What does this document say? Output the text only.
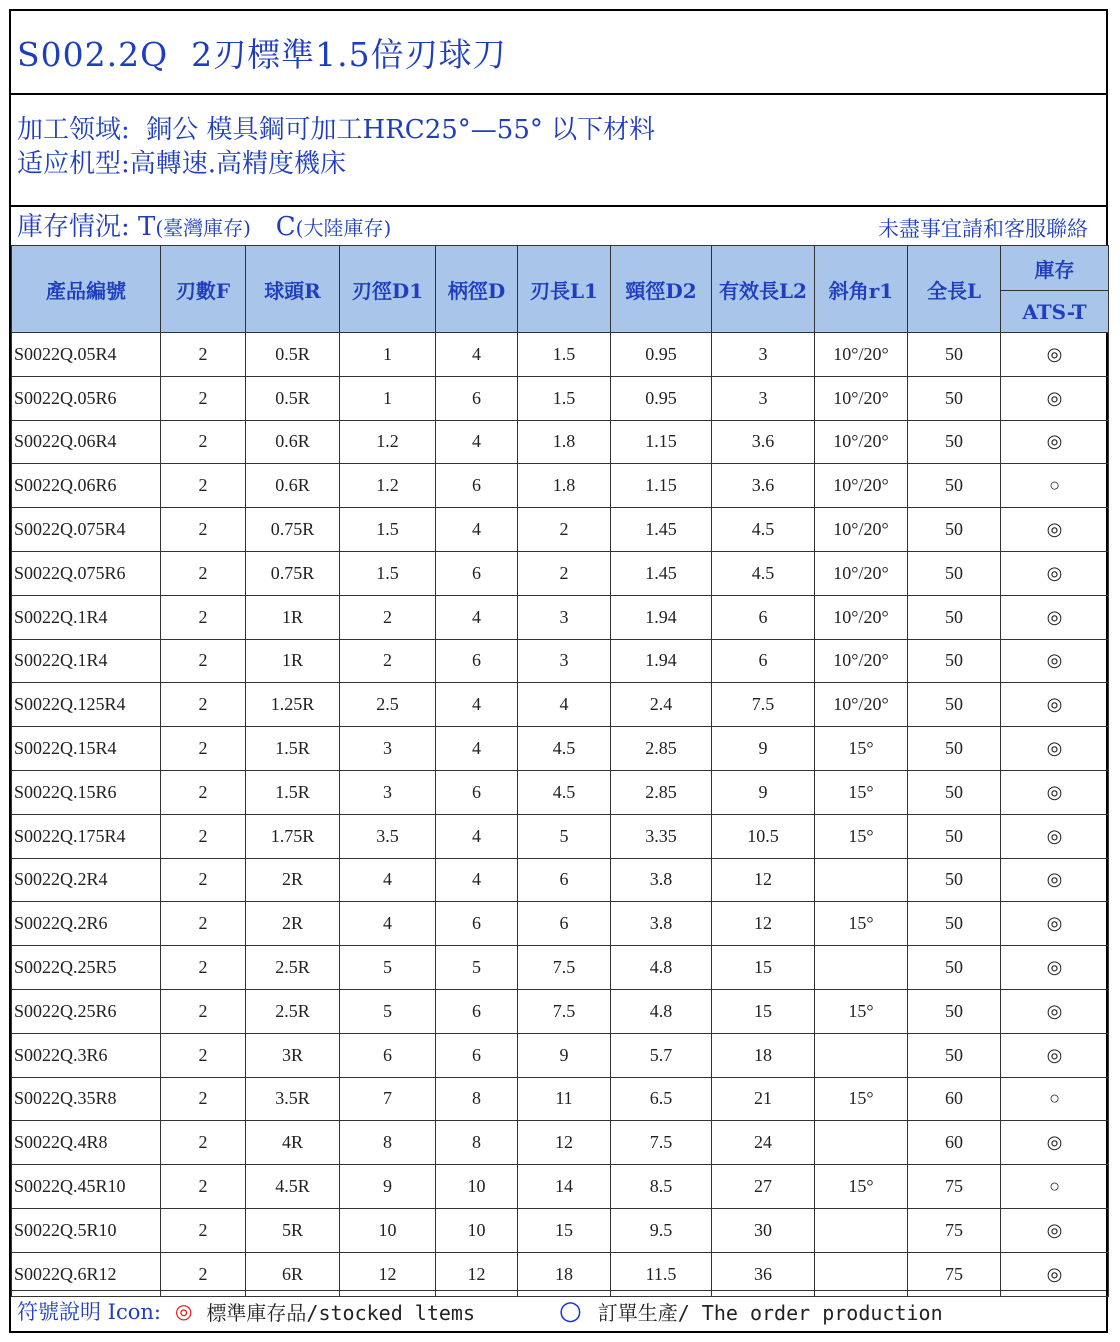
S002.2Q  2刃標準1.5倍刃球刀
加工领域:  銅公 模具鋼可加工HRC25°—55° 以下材料
适应机型:高轉速.高精度機床
庫存情況: T(臺灣庫存)   C(大陸庫存)	未盡事宜請和客服聯絡
產品編號	刃數F	球頭R	刃徑D1	柄徑D	刃長L1	頸徑D2	有效長L2	斜角r1	全長L	庫存
										ATS-T
S0022Q.05R4	2	0.5R	1	4	1.5	0.95	3	10°/20°	50	◎
S0022Q.05R6	2	0.5R	1	6	1.5	0.95	3	10°/20°	50	◎
S0022Q.06R4	2	0.6R	1.2	4	1.8	1.15	3.6	10°/20°	50	◎
S0022Q.06R6	2	0.6R	1.2	6	1.8	1.15	3.6	10°/20°	50	○
S0022Q.075R4	2	0.75R	1.5	4	2	1.45	4.5	10°/20°	50	◎
S0022Q.075R6	2	0.75R	1.5	6	2	1.45	4.5	10°/20°	50	◎
S0022Q.1R4	2	1R	2	4	3	1.94	6	10°/20°	50	◎
S0022Q.1R4	2	1R	2	6	3	1.94	6	10°/20°	50	◎
S0022Q.125R4	2	1.25R	2.5	4	4	2.4	7.5	10°/20°	50	◎
S0022Q.15R4	2	1.5R	3	4	4.5	2.85	9	15°	50	◎
S0022Q.15R6	2	1.5R	3	6	4.5	2.85	9	15°	50	◎
S0022Q.175R4	2	1.75R	3.5	4	5	3.35	10.5	15°	50	◎
S0022Q.2R4	2	2R	4	4	6	3.8	12		50	◎
S0022Q.2R6	2	2R	4	6	6	3.8	12	15°	50	◎
S0022Q.25R5	2	2.5R	5	5	7.5	4.8	15		50	◎
S0022Q.25R6	2	2.5R	5	6	7.5	4.8	15	15°	50	◎
S0022Q.3R6	2	3R	6	6	9	5.7	18		50	◎
S0022Q.35R8	2	3.5R	7	8	11	6.5	21	15°	60	○
S0022Q.4R8	2	4R	8	8	12	7.5	24		60	◎
S0022Q.45R10	2	4.5R	9	10	14	8.5	27	15°	75	○
S0022Q.5R10	2	5R	10	10	15	9.5	30		75	◎
S0022Q.6R12	2	6R	12	12	18	11.5	36		75	◎
符號說明 Icon: ◎ 標準庫存品/stocked ltems	○ 訂單生產/ The order production
